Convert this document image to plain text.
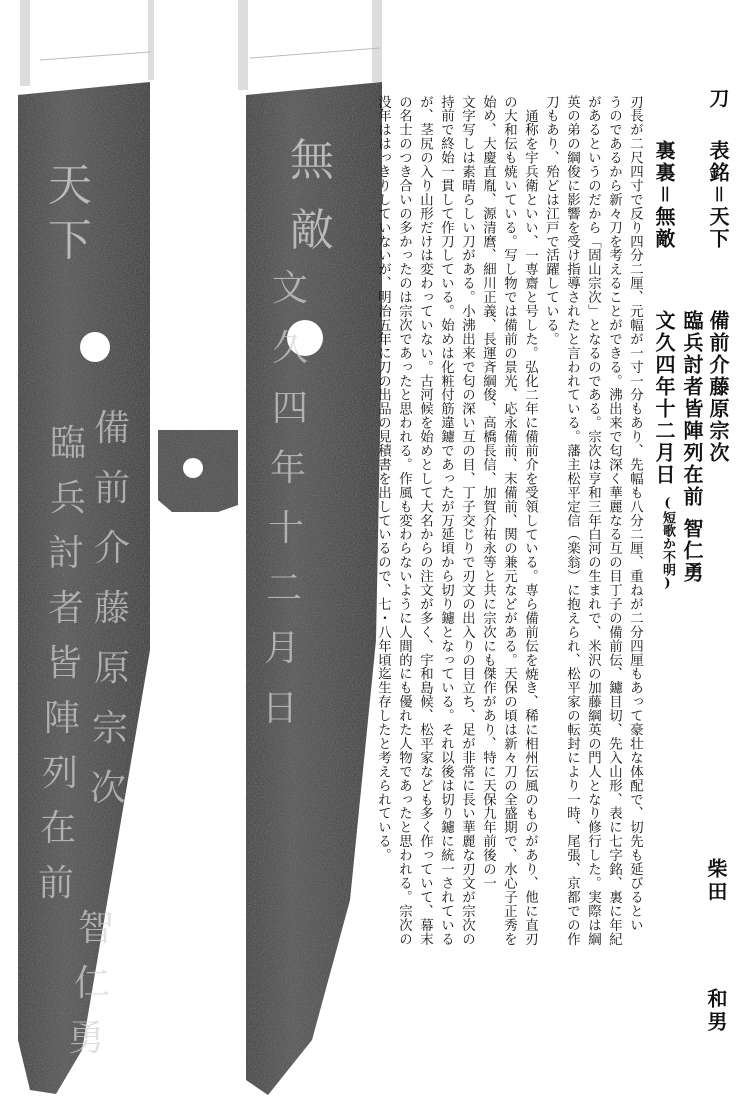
天
下
無
敵
備
前
介
藤
原
宗
次
臨
兵
討
者
皆
陣
列
在
前
智
仁
勇
文
久
四
年
十
二
月
日
刀
表銘＝天下
備前介藤原宗次
臨兵討者皆陣列在前
智仁勇
裏裏＝無敵
文久四年十二月日
(短歌か不明)
刃長が二尺四寸で反り四分二厘、元幅が一寸一分もあり、先幅も八分二厘、重ねが二分四厘もあって豪壮な体配で、切先も延びるとい
うのであるから新々刀を考えることができる。沸出来で匂深く華麗なる互の目丁子の備前伝、鑢目切、先入山形、表に七字銘、裏に年紀
があるというのだから「固山宗次」となるのである。宗次は亨和三年白河の生まれで、米沢の加藤綱英の門人となり修行した。実際は綱
英の弟の綱俊に影響を受け指導されたと言われている。藩主松平定信（楽翁）に抱えられ、松平家の転封により一時、尾張、京都での作
刀もあり、殆どは江戸で活躍している。
通称を宇兵衛といい、一専齋と号した。弘化二年に備前介を受領している。専ら備前伝を焼き、稀に相州伝風のものがあり、他に直刃
の大和伝も焼いている。写し物では備前の景光、応永備前、末備前、関の兼元などがある。天保の頃は新々刀の全盛期で、水心子正秀を
始め、大慶直胤、源清麿、細川正義、長運斉綱俊、高橋長信、加賀介祐永等と共に宗次にも傑作があり、特に天保九年前後の一
文字写しは素晴らしい刀がある。小沸出来で匂の深い互の目、丁子交じりで刃文の出入りの目立ち、足が非常に長い華麗な刃文が宗次の
持前で終始一貫して作刀している。始めは化粧付筋違鑢であったが万延頃から切り鑢となっている。それ以後は切り鑢に統一されている
が、茎尻の入り山形だけは変わっていない。古河候を始めとして大名からの注文が多く、宇和島候、松平家なども多く作っていて、幕末
の名士のつき合いの多かったのは宗次であったと思われる。作風も変わらないように人間的にも優れた人物であったと思われる。宗次の
没年ははっきりしていないが、明治五年に刀の出品の見積書を出しているので、七・八年頃迄生存したと考えられている。
柴田
和男
